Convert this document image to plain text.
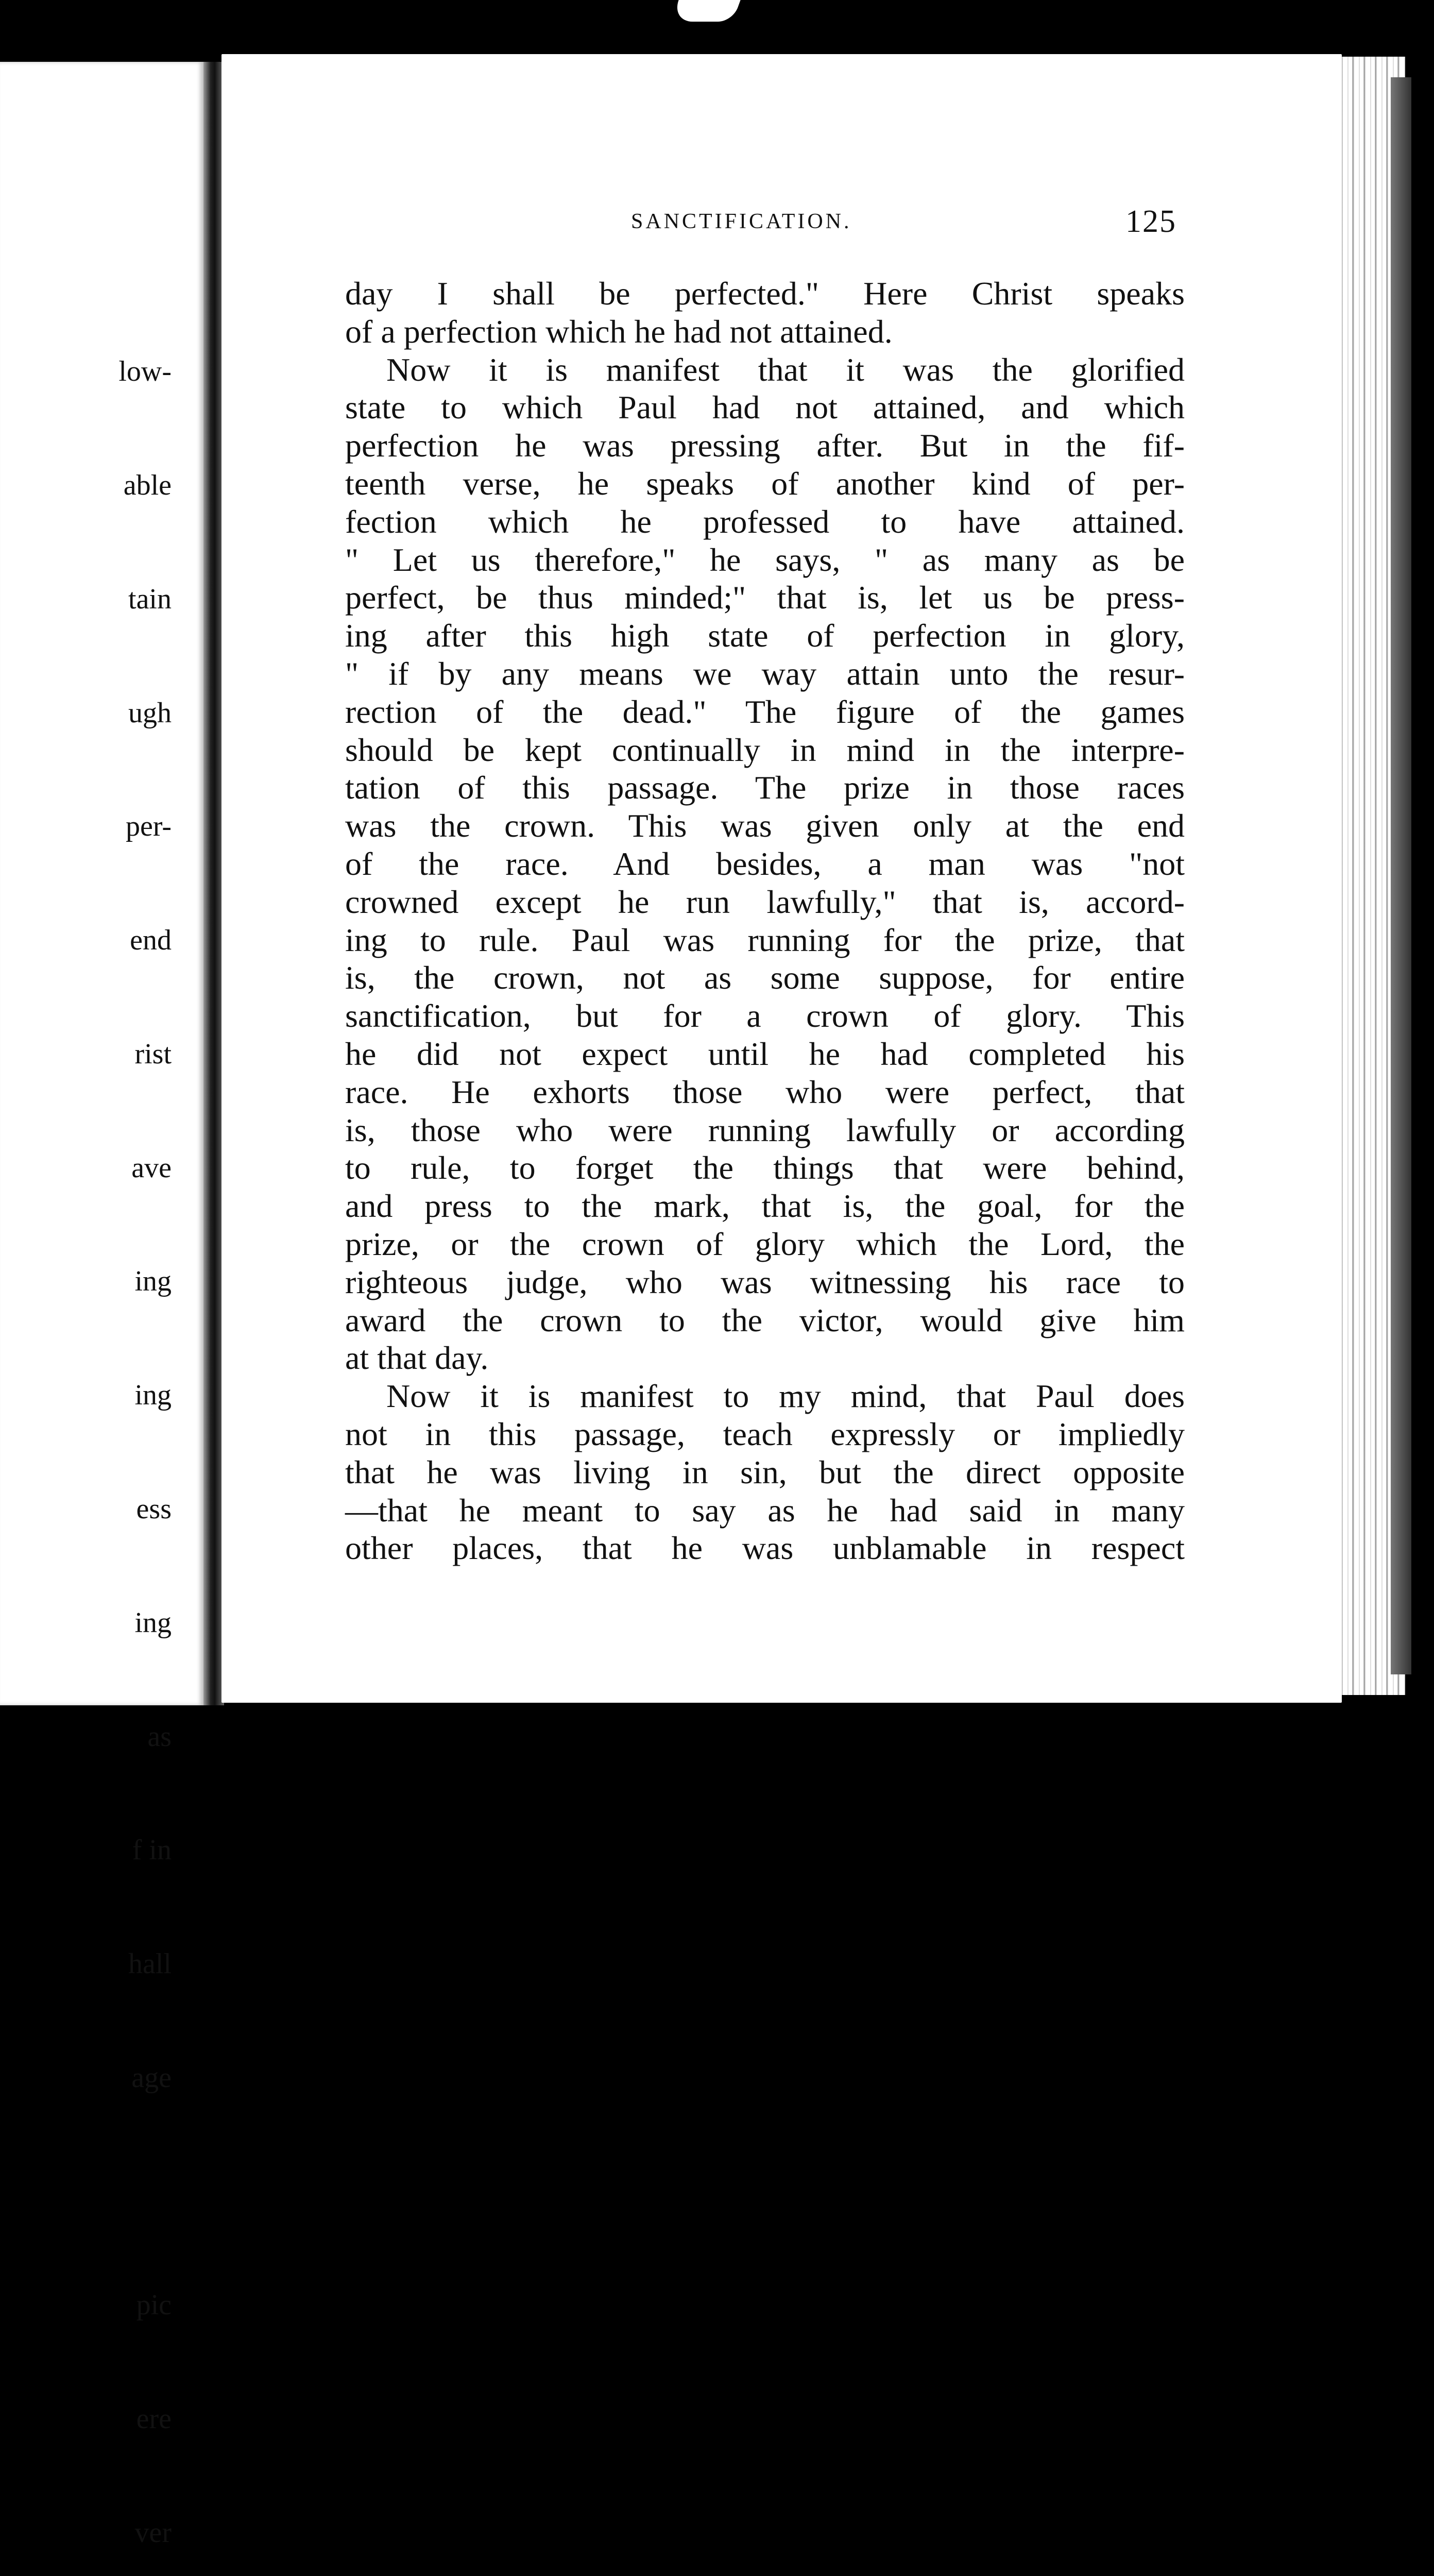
low-

able

tain

ugh

per-

end

rist

ave

ing

ing

ess

ing

as

f in

hall

age

pic

ere

ver

SANCTIFICATION.	125
day I shall be perfected." Here Christ speaks
of a perfection which he had not attained.
Now it is manifest that it was the glorified
state to which Paul had not attained, and which
perfection he was pressing after. But in the fif-
teenth verse, he speaks of another kind of per-
fection which he professed to have attained.
" Let us therefore," he says, " as many as be
perfect, be thus minded;" that is, let us be press-
ing after this high state of perfection in glory,
" if by any means we way attain unto the resur-
rection of the dead." The figure of the games
should be kept continually in mind in the interpre-
tation of this passage. The prize in those races
was the crown. This was given only at the end
of the race. And besides, a man was "not
crowned except he run lawfully," that is, accord-
ing to rule. Paul was running for the prize, that
is, the crown, not as some suppose, for entire
sanctification, but for a crown of glory. This
he did not expect until he had completed his
race. He exhorts those who were perfect, that
is, those who were running lawfully or according
to rule, to forget the things that were behind,
and press to the mark, that is, the goal, for the
prize, or the crown of glory which the Lord, the
righteous judge, who was witnessing his race to
award the crown to the victor, would give him
at that day.
Now it is manifest to my mind, that Paul does
not in this passage, teach expressly or impliedly
that he was living in sin, but the direct opposite
—that he meant to say as he had said in many
other places, that he was unblamable in respect
